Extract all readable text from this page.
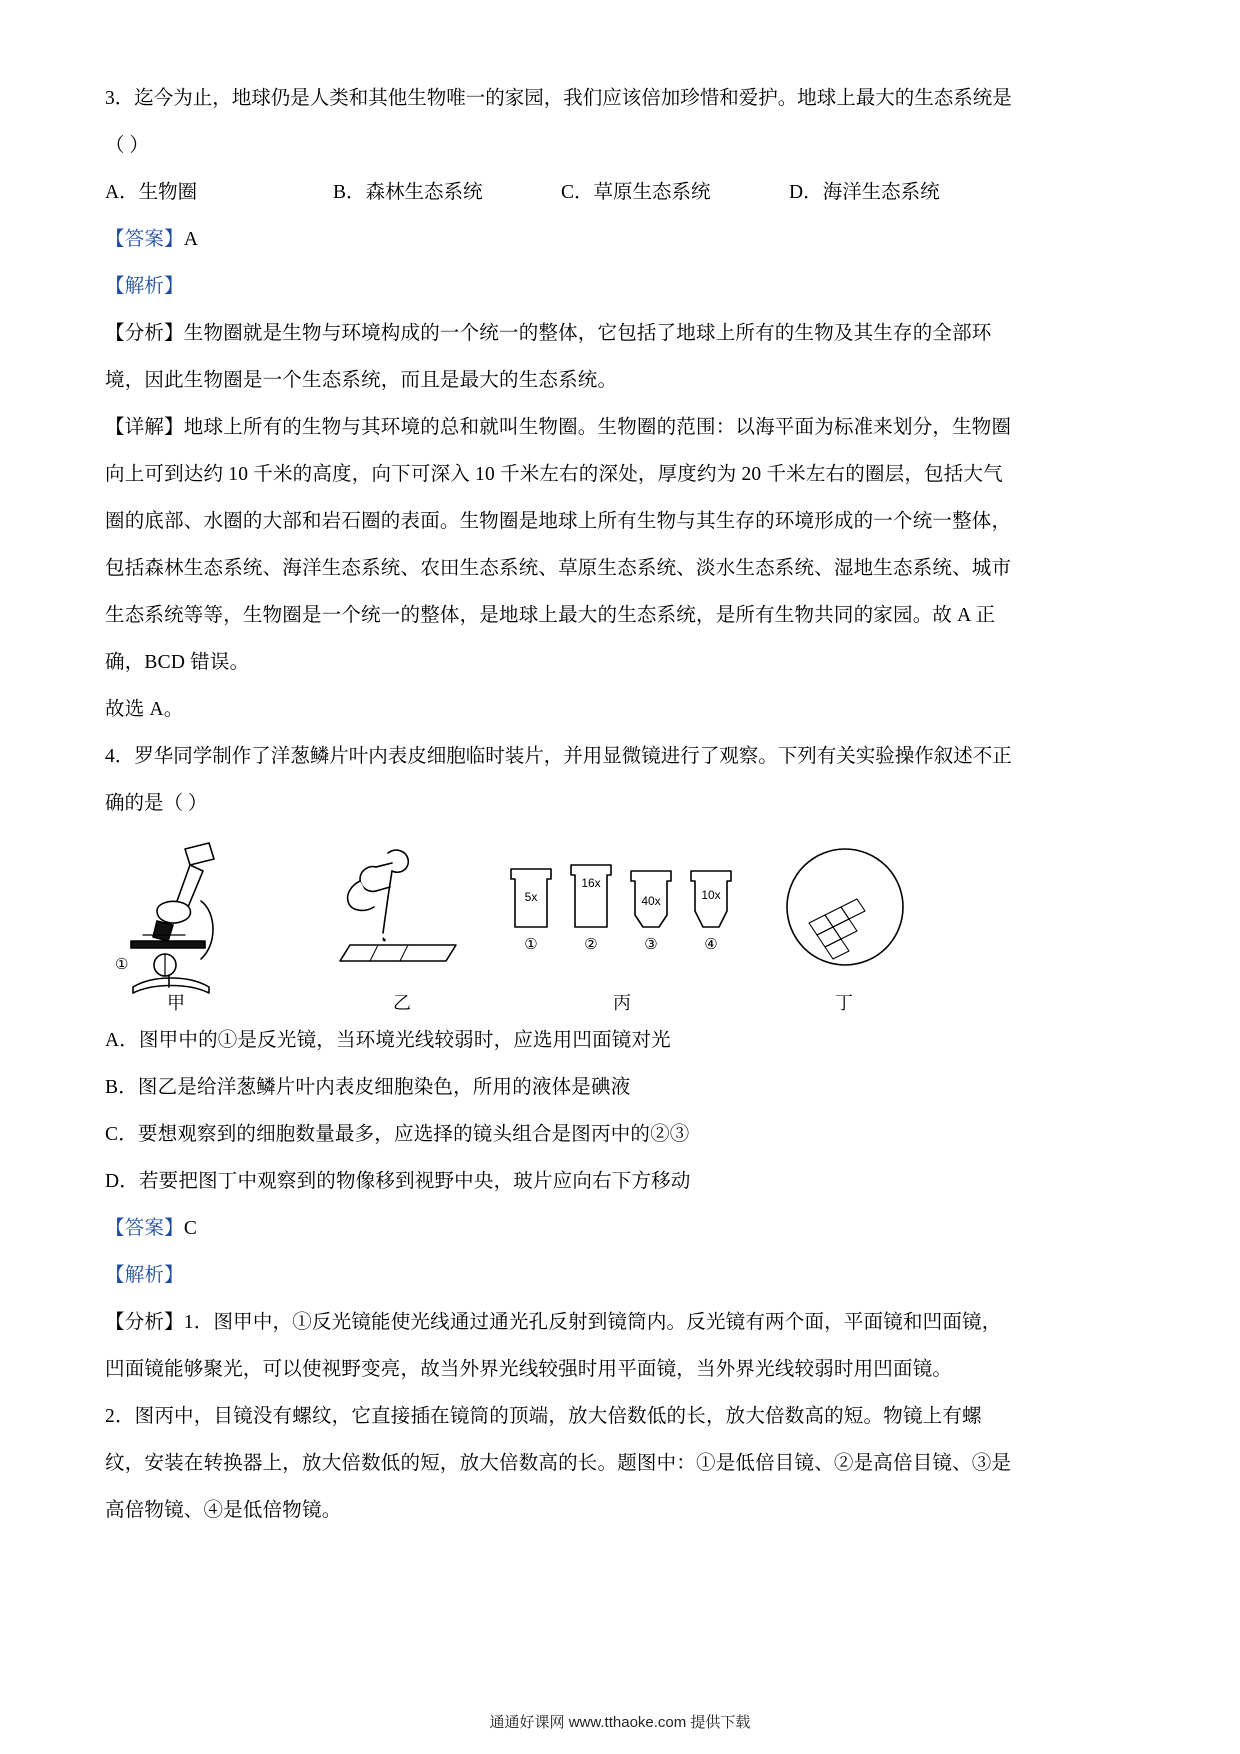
3．迄今为止，地球仍是人类和其他生物唯一的家园，我们应该倍加珍惜和爱护。地球上最大的生态系统是
（ ）
A．生物圈	B．森林生态系统	C．草原生态系统	D．海洋生态系统
【答案】A
【解析】
【分析】生物圈就是生物与环境构成的一个统一的整体，它包括了地球上所有的生物及其生存的全部环
境，因此生物圈是一个生态系统，而且是最大的生态系统。
【详解】地球上所有的生物与其环境的总和就叫生物圈。生物圈的范围：以海平面为标准来划分，生物圈
向上可到达约 10 千米的高度，向下可深入 10 千米左右的深处，厚度约为 20 千米左右的圈层，包括大气
圈的底部、水圈的大部和岩石圈的表面。生物圈是地球上所有生物与其生存的环境形成的一个统一整体，
包括森林生态系统、海洋生态系统、农田生态系统、草原生态系统、淡水生态系统、湿地生态系统、城市
生态系统等等，生物圈是一个统一的整体，是地球上最大的生态系统，是所有生物共同的家园。故 A 正
确，BCD 错误。
故选 A。
4．罗华同学制作了洋葱鳞片叶内表皮细胞临时装片，并用显微镜进行了观察。下列有关实验操作叙述不正
确的是（ ）
5x
16x
40x	10x
①	②	③	④
甲	乙	丙	丁
①
A．图甲中的①是反光镜，当环境光线较弱时，应选用凹面镜对光
B．图乙是给洋葱鳞片叶内表皮细胞染色，所用的液体是碘液
C．要想观察到的细胞数量最多，应选择的镜头组合是图丙中的②③
D．若要把图丁中观察到的物像移到视野中央，玻片应向右下方移动
【答案】C
【解析】
【分析】1．图甲中，①反光镜能使光线通过通光孔反射到镜筒内。反光镜有两个面，平面镜和凹面镜，
凹面镜能够聚光，可以使视野变亮，故当外界光线较强时用平面镜，当外界光线较弱时用凹面镜。
2．图丙中，目镜没有螺纹，它直接插在镜筒的顶端，放大倍数低的长，放大倍数高的短。物镜上有螺
纹，安装在转换器上，放大倍数低的短，放大倍数高的长。题图中：①是低倍目镜、②是高倍目镜、③是
高倍物镜、④是低倍物镜。
通通好课网 www.tthaoke.com 提供下载
